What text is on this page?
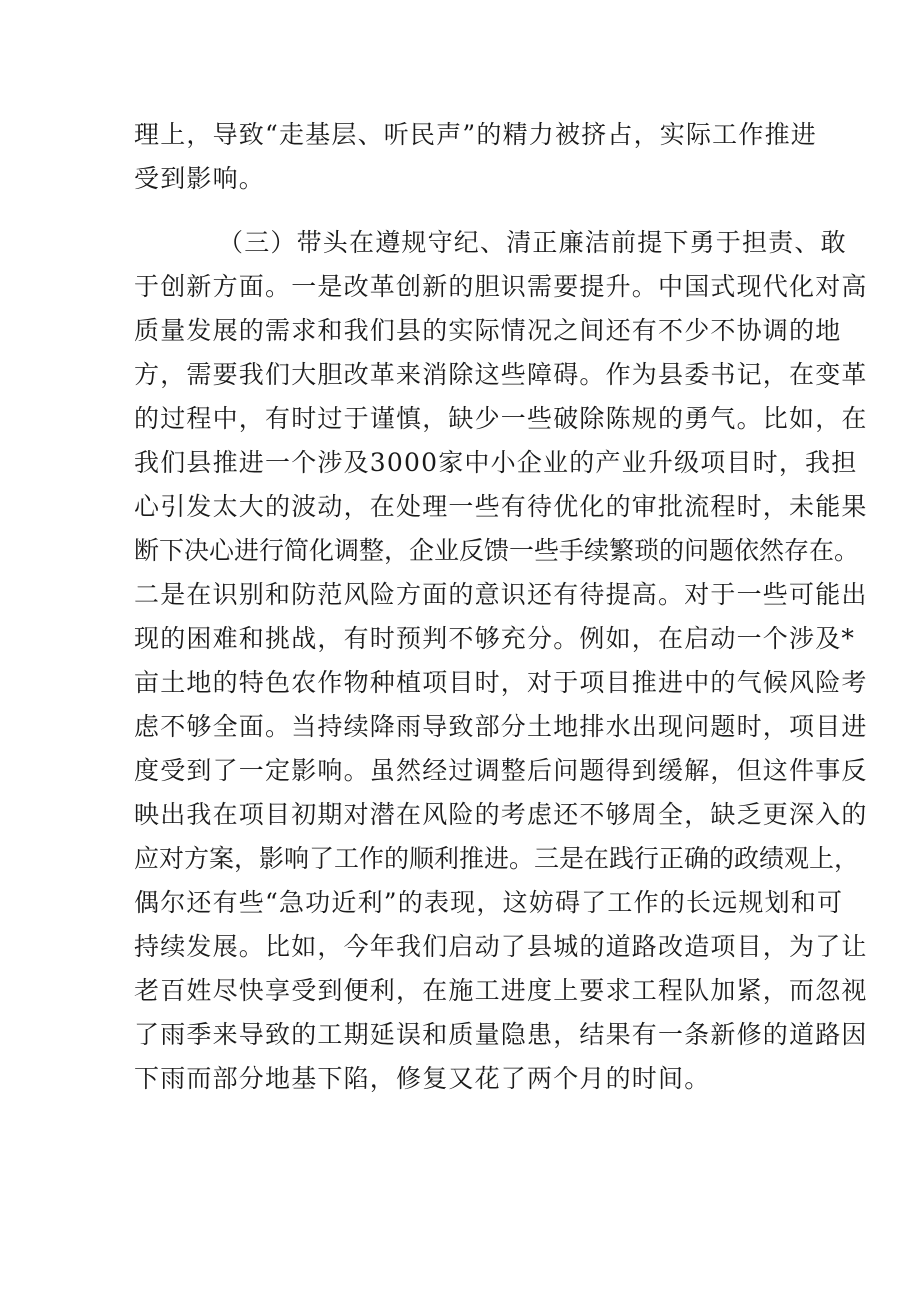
理上，导致“走基层、听民声”的精力被挤占，实际工作推进
受到影响。
（三）带头在遵规守纪、清正廉洁前提下勇于担责、敢
于创新方面。一是改革创新的胆识需要提升。中国式现代化对高
质量发展的需求和我们县的实际情况之间还有不少不协调的地
方，需要我们大胆改革来消除这些障碍。作为县委书记，在变革
的过程中，有时过于谨慎，缺少一些破除陈规的勇气。比如，在
我们县推进一个涉及3000家中小企业的产业升级项目时，我担
心引发太大的波动，在处理一些有待优化的审批流程时，未能果
断下决心进行简化调整，企业反馈一些手续繁琐的问题依然存在。
二是在识别和防范风险方面的意识还有待提高。对于一些可能出
现的困难和挑战，有时预判不够充分。例如，在启动一个涉及*
亩土地的特色农作物种植项目时，对于项目推进中的气候风险考
虑不够全面。当持续降雨导致部分土地排水出现问题时，项目进
度受到了一定影响。虽然经过调整后问题得到缓解，但这件事反
映出我在项目初期对潜在风险的考虑还不够周全，缺乏更深入的
应对方案，影响了工作的顺利推进。三是在践行正确的政绩观上，
偶尔还有些“急功近利”的表现，这妨碍了工作的长远规划和可
持续发展。比如，今年我们启动了县城的道路改造项目，为了让
老百姓尽快享受到便利，在施工进度上要求工程队加紧，而忽视
了雨季来导致的工期延误和质量隐患，结果有一条新修的道路因
下雨而部分地基下陷，修复又花了两个月的时间。
